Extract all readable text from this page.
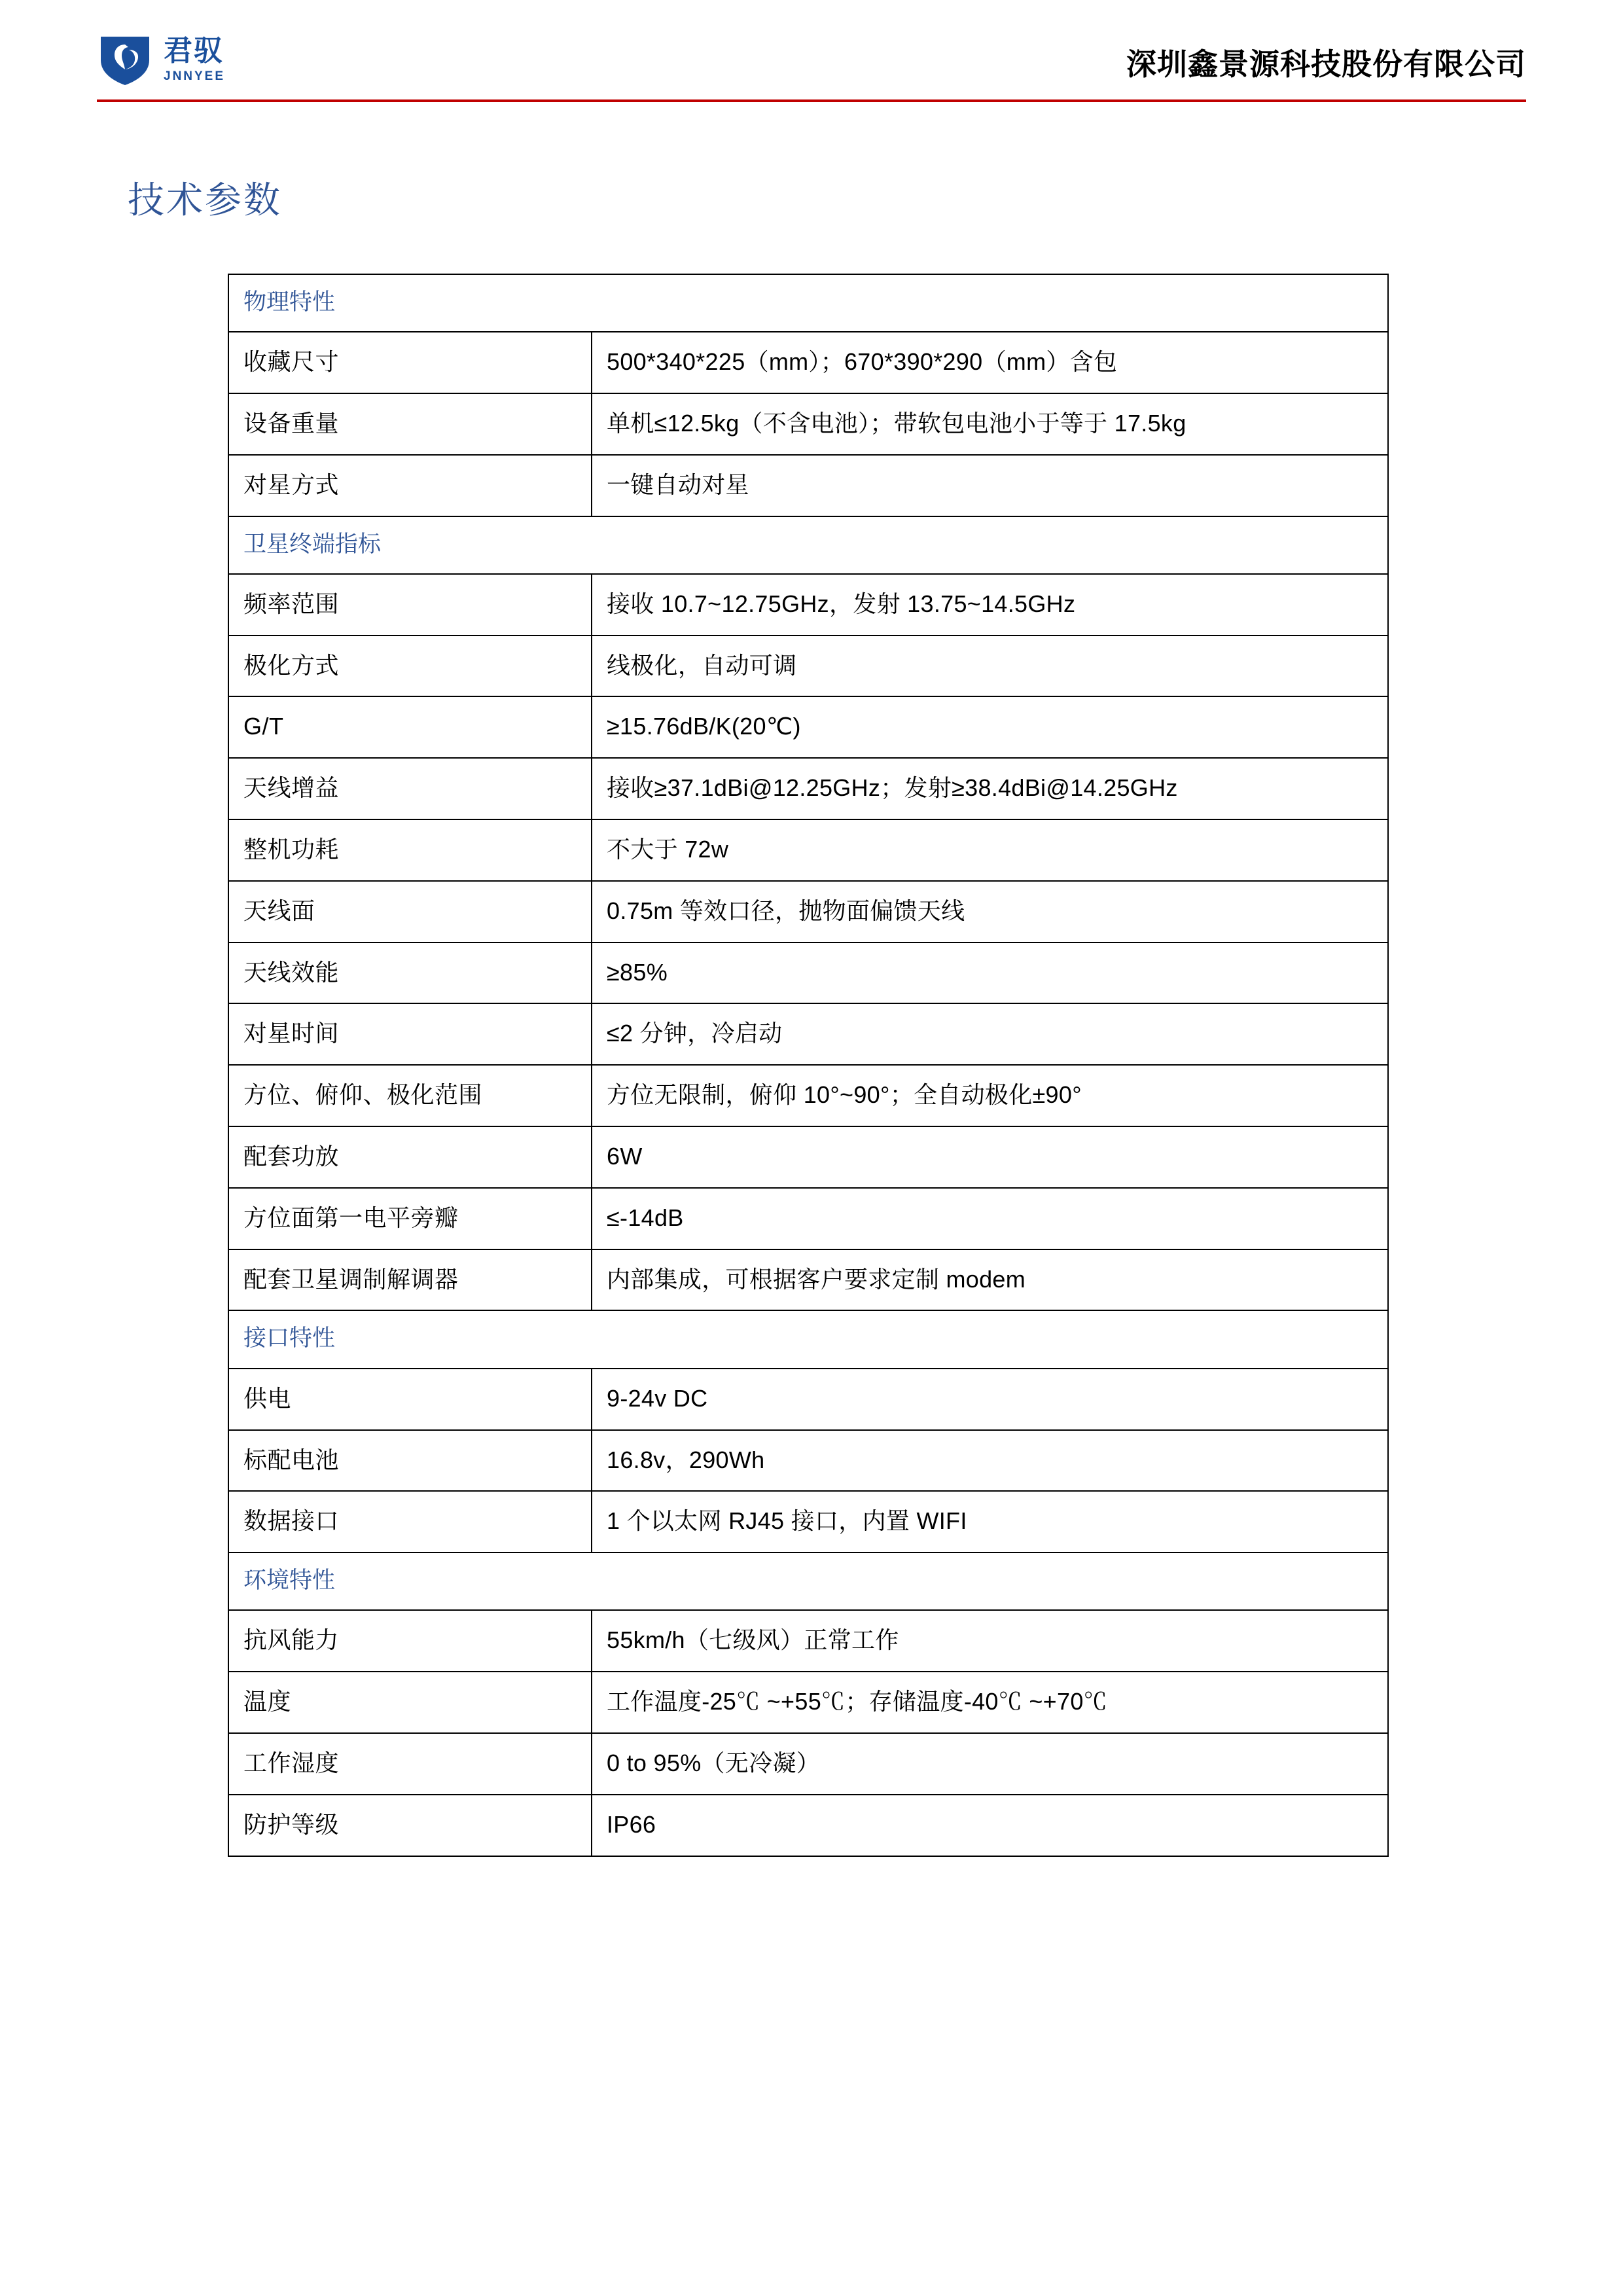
君驭
JNNYEE	深圳鑫景源科技股份有限公司
技术参数
物理特性	
收藏尺寸	500*340*225（mm）；670*390*290（mm）含包
设备重量	单机≤12.5kg（不含电池）；带软包电池小于等于 17.5kg
对星方式	一键自动对星
卫星终端指标	
频率范围	接收 10.7~12.75GHz，发射 13.75~14.5GHz
极化方式	线极化，自动可调
G/T	≥15.76dB/K(20℃)
天线增益	接收≥37.1dBi@12.25GHz；发射≥38.4dBi@14.25GHz
整机功耗	不大于 72w
天线面	0.75m 等效口径，抛物面偏馈天线
天线效能	≥85%
对星时间	≤2 分钟，冷启动
方位、俯仰、极化范围	方位无限制，俯仰 10°~90°；全自动极化±90°
配套功放	6W
方位面第一电平旁瓣	≤-14dB
配套卫星调制解调器	内部集成，可根据客户要求定制 modem
接口特性	
供电	9-24v DC
标配电池	16.8v，290Wh
数据接口	1 个以太网 RJ45 接口，内置 WIFI
环境特性	
抗风能力	55km/h（七级风）正常工作
温度	工作温度-25℃ ~+55℃；存储温度-40℃ ~+70℃
工作湿度	0 to 95%（无冷凝）
防护等级	IP66
